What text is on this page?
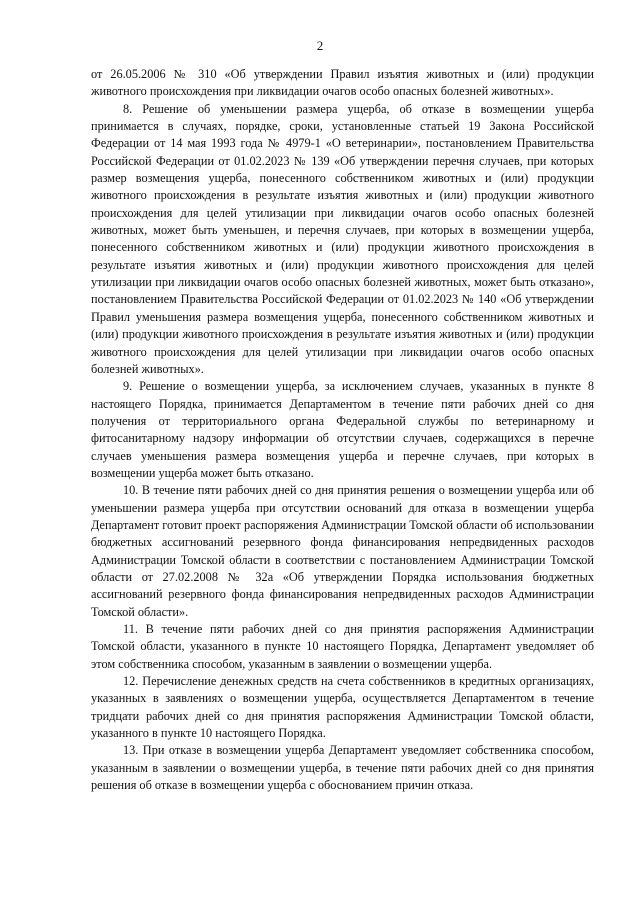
2

от 26.05.2006 № 310 «Об утверждении Правил изъятия животных и (или) продукции животного происхождения при ликвидации очагов особо опасных болезней животных».

8. Решение об уменьшении размера ущерба, об отказе в возмещении ущерба принимается в случаях, порядке, сроки, установленные статьей 19 Закона Российской Федерации от 14 мая 1993 года № 4979-1 «О ветеринарии», постановлением Правительства Российской Федерации от 01.02.2023 № 139 «Об утверждении перечня случаев, при которых размер возмещения ущерба, понесенного собственником животных и (или) продукции животного происхождения в результате изъятия животных и (или) продукции животного происхождения для целей утилизации при ликвидации очагов особо опасных болезней животных, может быть уменьшен, и перечня случаев, при которых в возмещении ущерба, понесенного собственником животных и (или) продукции животного происхождения в результате изъятия животных и (или) продукции животного происхождения для целей утилизации при ликвидации очагов особо опасных болезней животных, может быть отказано», постановлением Правительства Российской Федерации от 01.02.2023 № 140 «Об утверждении Правил уменьшения размера возмещения ущерба, понесенного собственником животных и (или) продукции животного происхождения в результате изъятия животных и (или) продукции животного происхождения для целей утилизации при ликвидации очагов особо опасных болезней животных».

9. Решение о возмещении ущерба, за исключением случаев, указанных в пункте 8 настоящего Порядка, принимается Департаментом в течение пяти рабочих дней со дня получения от территориального органа Федеральной службы по ветеринарному и фитосанитарному надзору информации об отсутствии случаев, содержащихся в перечне случаев уменьшения размера возмещения ущерба и перечне случаев, при которых в возмещении ущерба может быть отказано.

10. В течение пяти рабочих дней со дня принятия решения о возмещении ущерба или об уменьшении размера ущерба при отсутствии оснований для отказа в возмещении ущерба Департамент готовит проект распоряжения Администрации Томской области об использовании бюджетных ассигнований резервного фонда финансирования непредвиденных расходов Администрации Томской области в соответствии с постановлением Администрации Томской области от 27.02.2008 № 32а «Об утверждении Порядка использования бюджетных ассигнований резервного фонда финансирования непредвиденных расходов Администрации Томской области».

11. В течение пяти рабочих дней со дня принятия распоряжения Администрации Томской области, указанного в пункте 10 настоящего Порядка, Департамент уведомляет об этом собственника способом, указанным в заявлении о возмещении ущерба.

12. Перечисление денежных средств на счета собственников в кредитных организациях, указанных в заявлениях о возмещении ущерба, осуществляется Департаментом в течение тридцати рабочих дней со дня принятия распоряжения Администрации Томской области, указанного в пункте 10 настоящего Порядка.

13. При отказе в возмещении ущерба Департамент уведомляет собственника способом, указанным в заявлении о возмещении ущерба, в течение пяти рабочих дней со дня принятия решения об отказе в возмещении ущерба с обоснованием причин отказа.
